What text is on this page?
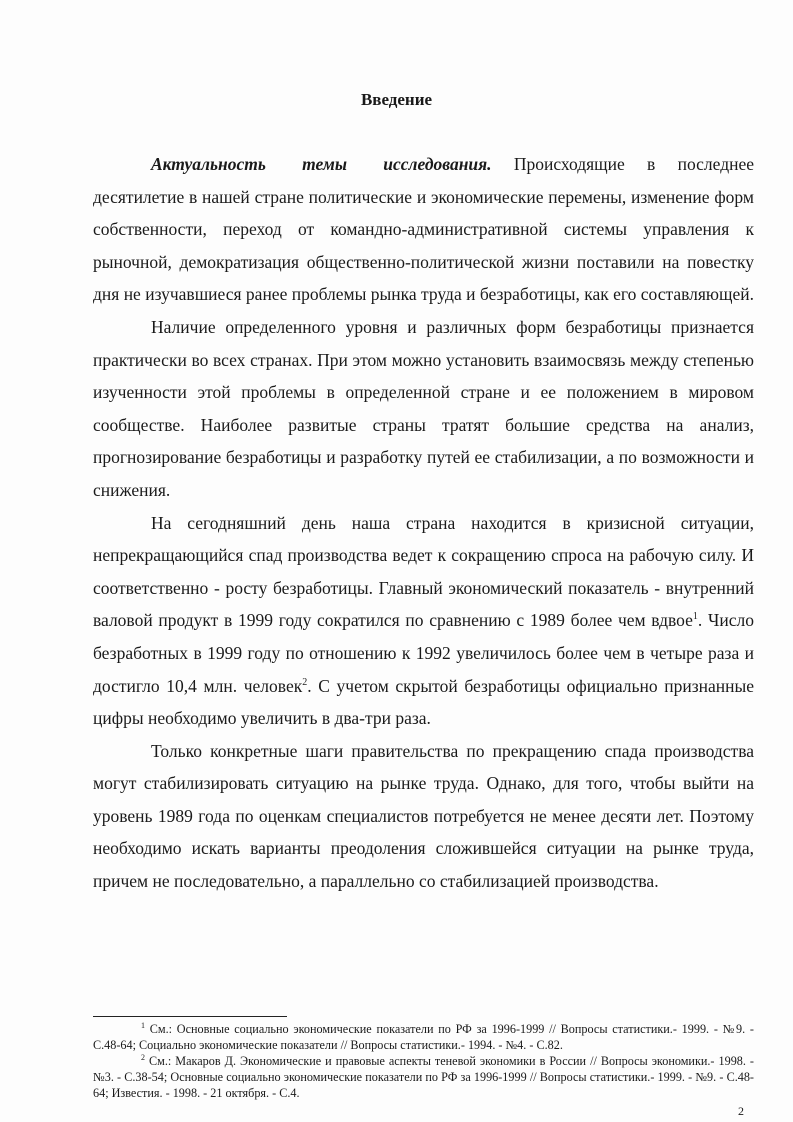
Введение

Актуальность темы исследования. Происходящие в последнее десятилетие в нашей стране политические и экономические перемены, изменение форм собственности, переход от командно-административной системы управления к рыночной, демократизация общественно-политической жизни поставили на повестку дня не изучавшиеся ранее проблемы рынка труда и безработицы, как его составляющей.

Наличие определенного уровня и различных форм безработицы признается практически во всех странах. При этом можно установить взаимосвязь между степенью изученности этой проблемы в определенной стране и ее положением в мировом сообществе. Наиболее развитые страны тратят большие средства на анализ, прогнозирование безработицы и разработку путей ее стабилизации, а по возможности и снижения.

На сегодняшний день наша страна находится в кризисной ситуации, непрекращающийся спад производства ведет к сокращению спроса на рабочую силу. И соответственно - росту безработицы. Главный экономический показатель - внутренний валовой продукт в 1999 году сократился по сравнению с 1989 более чем вдвое$^1$. Число безработных в 1999 году по отношению к 1992 увеличилось более чем в четыре раза и достигло 10,4 млн. человек$^2$. С учетом скрытой безработицы официально признанные цифры необходимо увеличить в два-три раза.

Только конкретные шаги правительства по прекращению спада производства могут стабилизировать ситуацию на рынке труда. Однако, для того, чтобы выйти на уровень 1989 года по оценкам специалистов потребуется не менее десяти лет. Поэтому необходимо искать варианты преодоления сложившейся ситуации на рынке труда, причем не последовательно, а параллельно со стабилизацией производства.

$^1$ См.: Основные социально экономические показатели по РФ за 1996-1999 // Вопросы статистики.- 1999. - №9. - С.48-64; Социально экономические показатели // Вопросы статистики.- 1994. - №4. - С.82.

$^2$ См.: Макаров Д. Экономические и правовые аспекты теневой экономики в России // Вопросы экономики.- 1998. - №3. - С.38-54; Основные социально экономические показатели по РФ за 1996-1999 // Вопросы статистики.- 1999. - №9. - С.48-64; Известия. - 1998. - 21 октября. - С.4.

2
